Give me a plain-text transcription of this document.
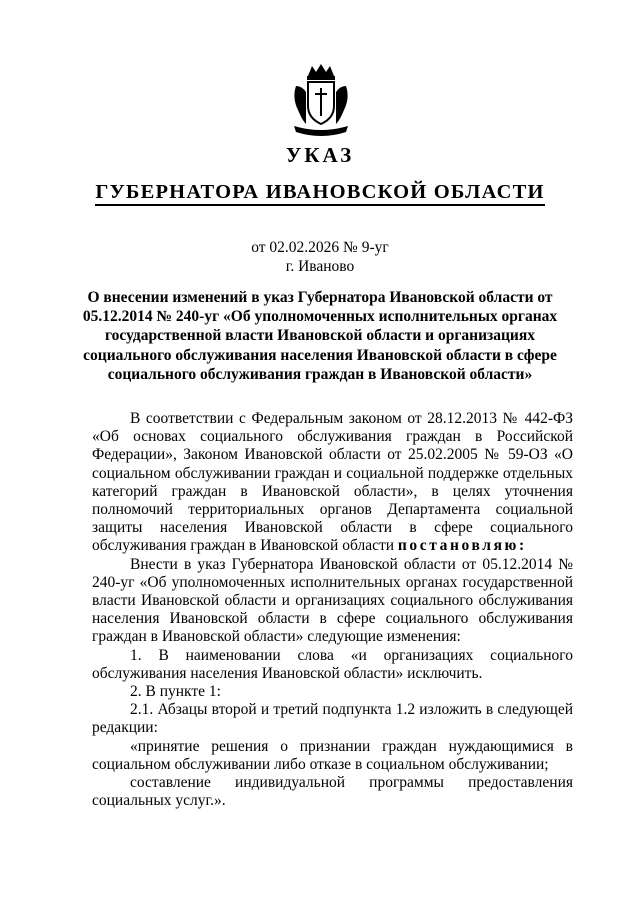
УКАЗ
ГУБЕРНАТОРА ИВАНОВСКОЙ ОБЛАСТИ
от 02.02.2026 № 9-уг
г. Иваново
О внесении изменений в указ Губернатора Ивановской области от 05.12.2014 № 240-уг «Об уполномоченных исполнительных органах государственной власти Ивановской области и организациях социального обслуживания населения Ивановской области в сфере социального обслуживания граждан в Ивановской области»

В соответствии с Федеральным законом от 28.12.2013 № 442-ФЗ «Об основах социального обслуживания граждан в Российской Федерации», Законом Ивановской области от 25.02.2005 № 59-ОЗ «О социальном обслуживании граждан и социальной поддержке отдельных категорий граждан в Ивановской области», в целях уточнения полномочий территориальных органов Департамента социальной защиты населения Ивановской области в сфере социального обслуживания граждан в Ивановской области постановляю:

Внести в указ Губернатора Ивановской области от 05.12.2014 № 240-уг «Об уполномоченных исполнительных органах государственной власти Ивановской области и организациях социального обслуживания населения Ивановской области в сфере социального обслуживания граждан в Ивановской области» следующие изменения:

1. В наименовании слова «и организациях социального обслуживания населения Ивановской области» исключить.

2. В пункте 1:

2.1. Абзацы второй и третий подпункта 1.2 изложить в следующей редакции:

«принятие решения о признании граждан нуждающимися в социальном обслуживании либо отказе в социальном обслуживании;

составление индивидуальной программы предоставления социальных услуг.».
